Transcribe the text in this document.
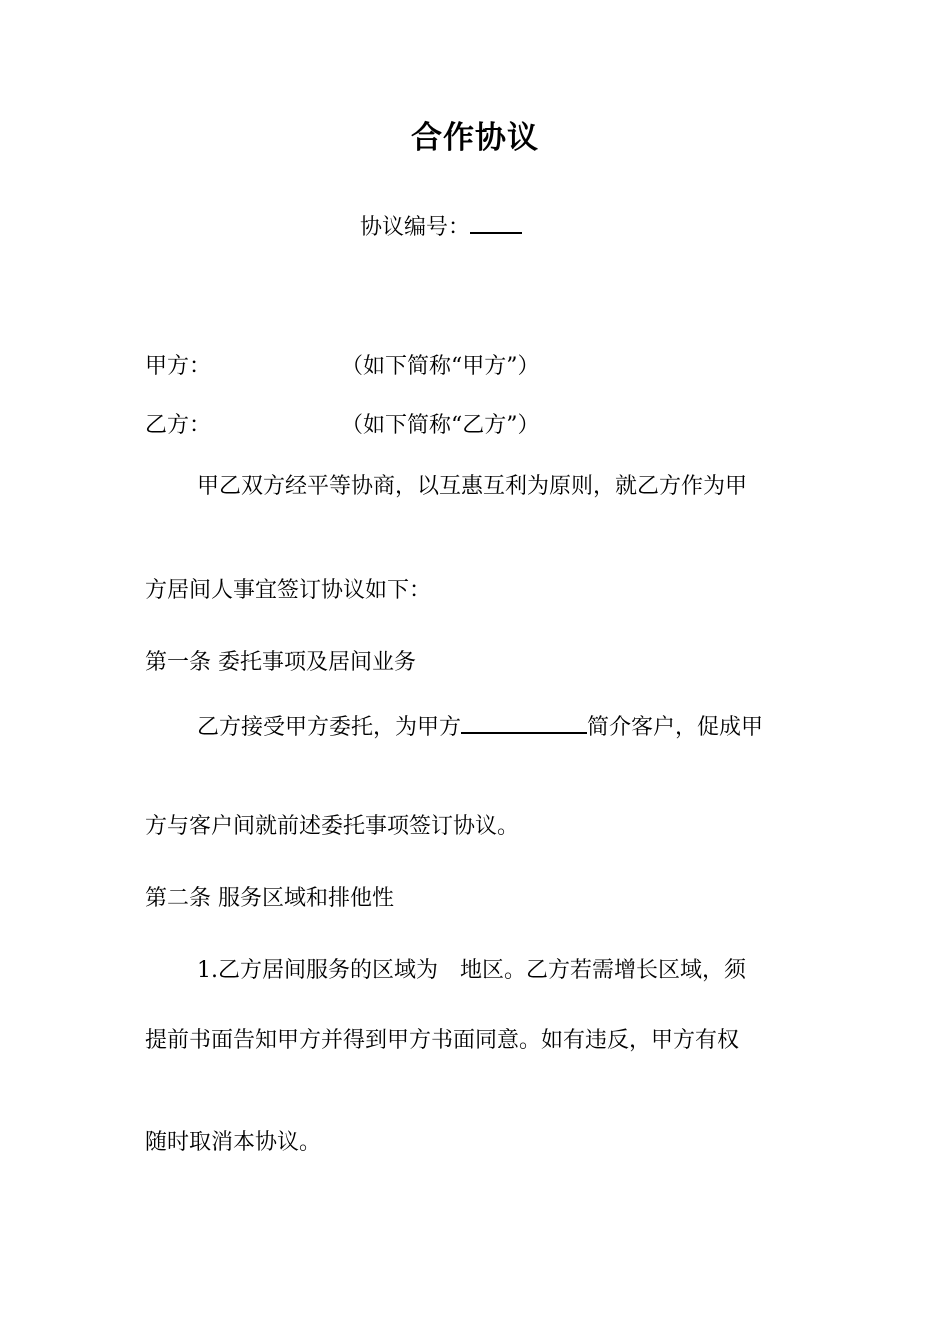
合作协议
协议编号：
甲方：	（如下简称“甲方”）
乙方：	（如下简称“乙方”）
甲乙双方经平等协商，以互惠互利为原则，就乙方作为甲
方居间人事宜签订协议如下：
第一条 委托事项及居间业务
乙方接受甲方委托，为甲方	简介客户，促成甲
方与客户间就前述委托事项签订协议。
第二条 服务区域和排他性
1.乙方居间服务的区域为 地区。乙方若需增长区域，须
提前书面告知甲方并得到甲方书面同意。如有违反，甲方有权
随时取消本协议。
